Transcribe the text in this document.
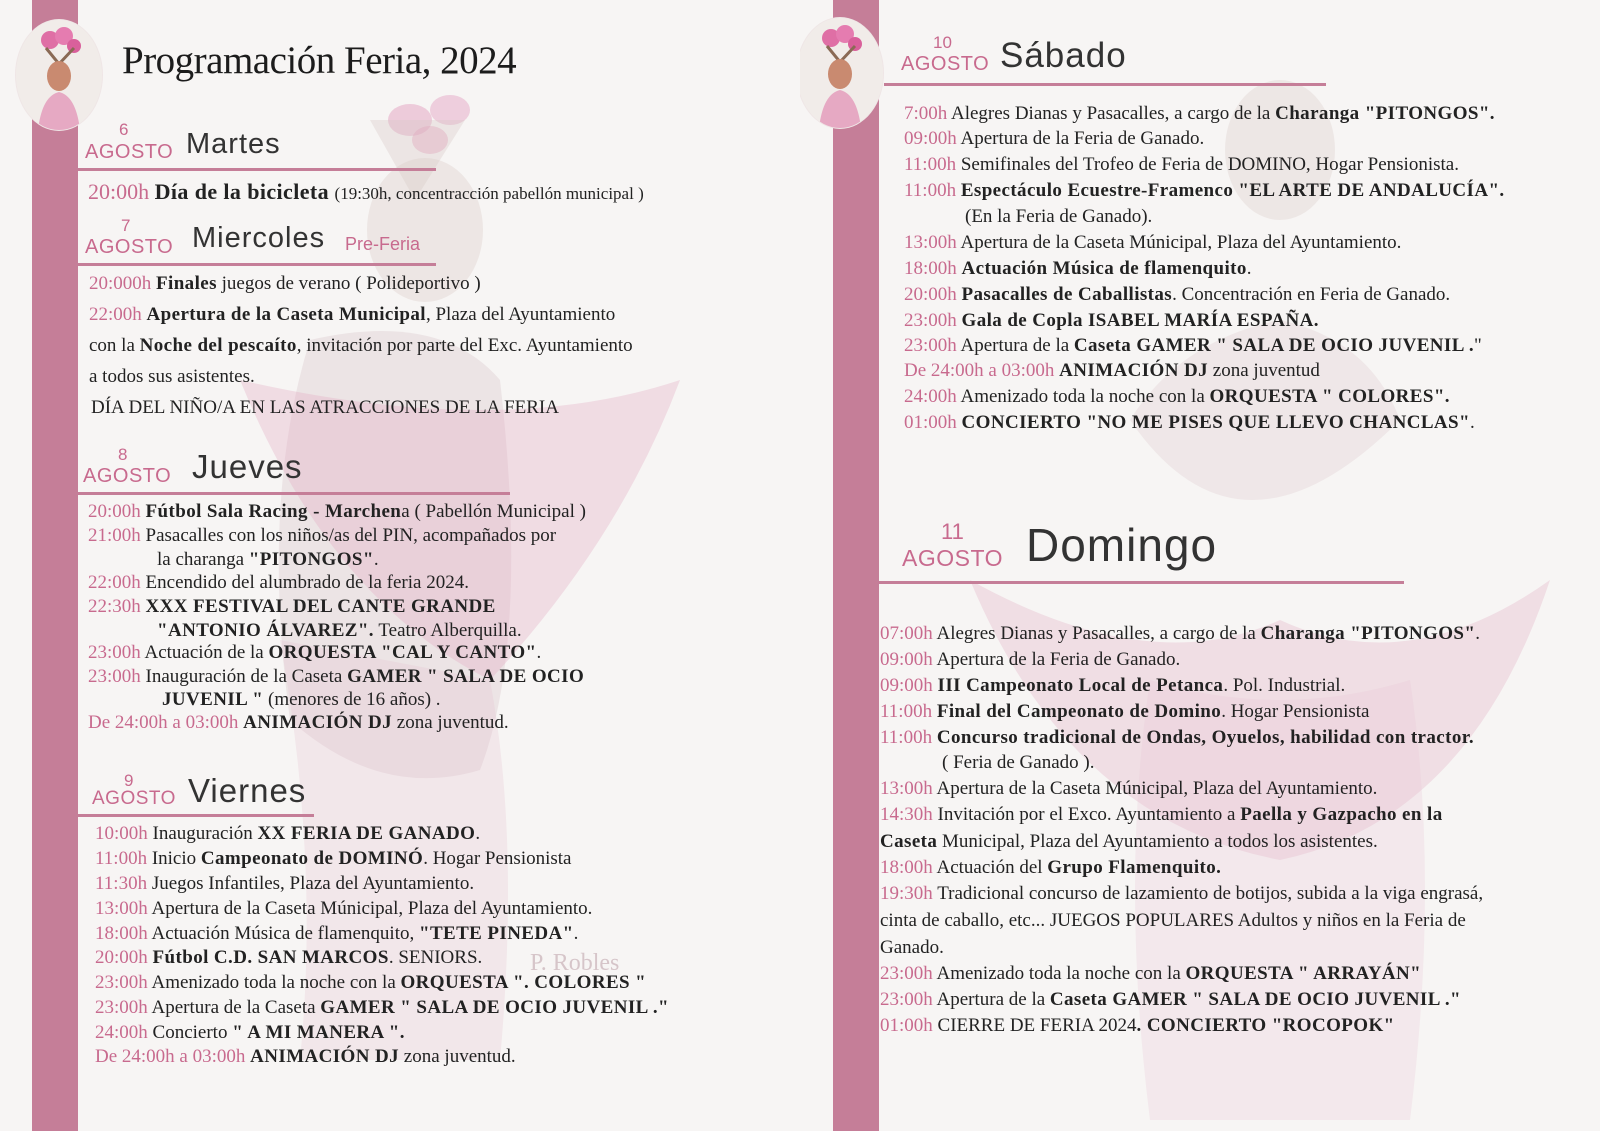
P. Robles
Programación Feria, 2024
6
AGOSTO Martes
20:00h Día de la bicicleta (19:30h, concentracción pabellón municipal )
7
AGOSTO Miercoles Pre-Feria
20:000h Finales juegos de verano ( Polideportivo )
22:00h Apertura de la Caseta Municipal, Plaza del Ayuntamiento
con la Noche del pescaíto, invitación por parte del Exc. Ayuntamiento
a todos sus asistentes.
DÍA DEL NIÑO/A EN LAS ATRACCIONES DE LA FERIA
8
AGOSTO Jueves
20:00h Fútbol Sala Racing - Marchena ( Pabellón Municipal )
21:00h Pasacalles con los niños/as del PIN, acompañados por
la charanga "PITONGOS".
22:00h Encendido del alumbrado de la feria 2024.
22:30h XXX FESTIVAL DEL CANTE GRANDE
"ANTONIO ÁLVAREZ". Teatro Alberquilla.
23:00h Actuación de la ORQUESTA "CAL Y CANTO".
23:00h Inauguración de la Caseta GAMER " SALA DE OCIO
JUVENIL " (menores de 16 años) .
De 24:00h a 03:00h ANIMACIÓN DJ zona juventud.
9
AGOSTO Viernes
10:00h Inauguración XX FERIA DE GANADO.
11:00h Inicio Campeonato de DOMINÓ. Hogar Pensionista
11:30h Juegos Infantiles, Plaza del Ayuntamiento.
13:00h Apertura de la Caseta Múnicipal, Plaza del Ayuntamiento.
18:00h Actuación Música de flamenquito, "TETE PINEDA".
20:00h Fútbol C.D. SAN MARCOS. SENIORS.
23:00h Amenizado toda la noche con la ORQUESTA ". COLORES "
23:00h Apertura de la Caseta GAMER " SALA DE OCIO JUVENIL ."
24:00h Concierto " A MI MANERA ".
De 24:00h a 03:00h ANIMACIÓN DJ zona juventud.
10
AGOSTO Sábado
7:00h Alegres Dianas y Pasacalles, a cargo de la Charanga "PITONGOS".
09:00h Apertura de la Feria de Ganado.
11:00h Semifinales del Trofeo de Feria de DOMINO, Hogar Pensionista.
11:00h Espectáculo Ecuestre-Framenco "EL ARTE DE ANDALUCÍA".
(En la Feria de Ganado).
13:00h Apertura de la Caseta Múnicipal, Plaza del Ayuntamiento.
18:00h Actuación Música de flamenquito.
20:00h Pasacalles de Caballistas. Concentración en Feria de Ganado.
23:00h Gala de Copla ISABEL MARÍA ESPAÑA.
23:00h Apertura de la Caseta GAMER " SALA DE OCIO JUVENIL ."
De 24:00h a 03:00h ANIMACIÓN DJ zona juventud
24:00h Amenizado toda la noche con la ORQUESTA " COLORES".
01:00h CONCIERTO "NO ME PISES QUE LLEVO CHANCLAS".
11
AGOSTO Domingo
07:00h Alegres Dianas y Pasacalles, a cargo de la Charanga "PITONGOS".
09:00h Apertura de la Feria de Ganado.
09:00h III Campeonato Local de Petanca. Pol. Industrial.
11:00h Final del Campeonato de Domino. Hogar Pensionista
11:00h Concurso tradicional de Ondas, Oyuelos, habilidad con tractor.
( Feria de Ganado ).
13:00h Apertura de la Caseta Múnicipal, Plaza del Ayuntamiento.
14:30h Invitación por el Exco. Ayuntamiento a Paella y Gazpacho en la
Caseta Municipal, Plaza del Ayuntamiento a todos los asistentes.
18:00h Actuación del Grupo Flamenquito.
19:30h Tradicional concurso de lazamiento de botijos, subida a la viga engrasá,
cinta de caballo, etc... JUEGOS POPULARES Adultos y niños en la Feria de
Ganado.
23:00h Amenizado toda la noche con la ORQUESTA " ARRAYÁN"
23:00h Apertura de la Caseta GAMER " SALA DE OCIO JUVENIL ."
01:00h CIERRE DE FERIA 2024. CONCIERTO "ROCOPOK"
